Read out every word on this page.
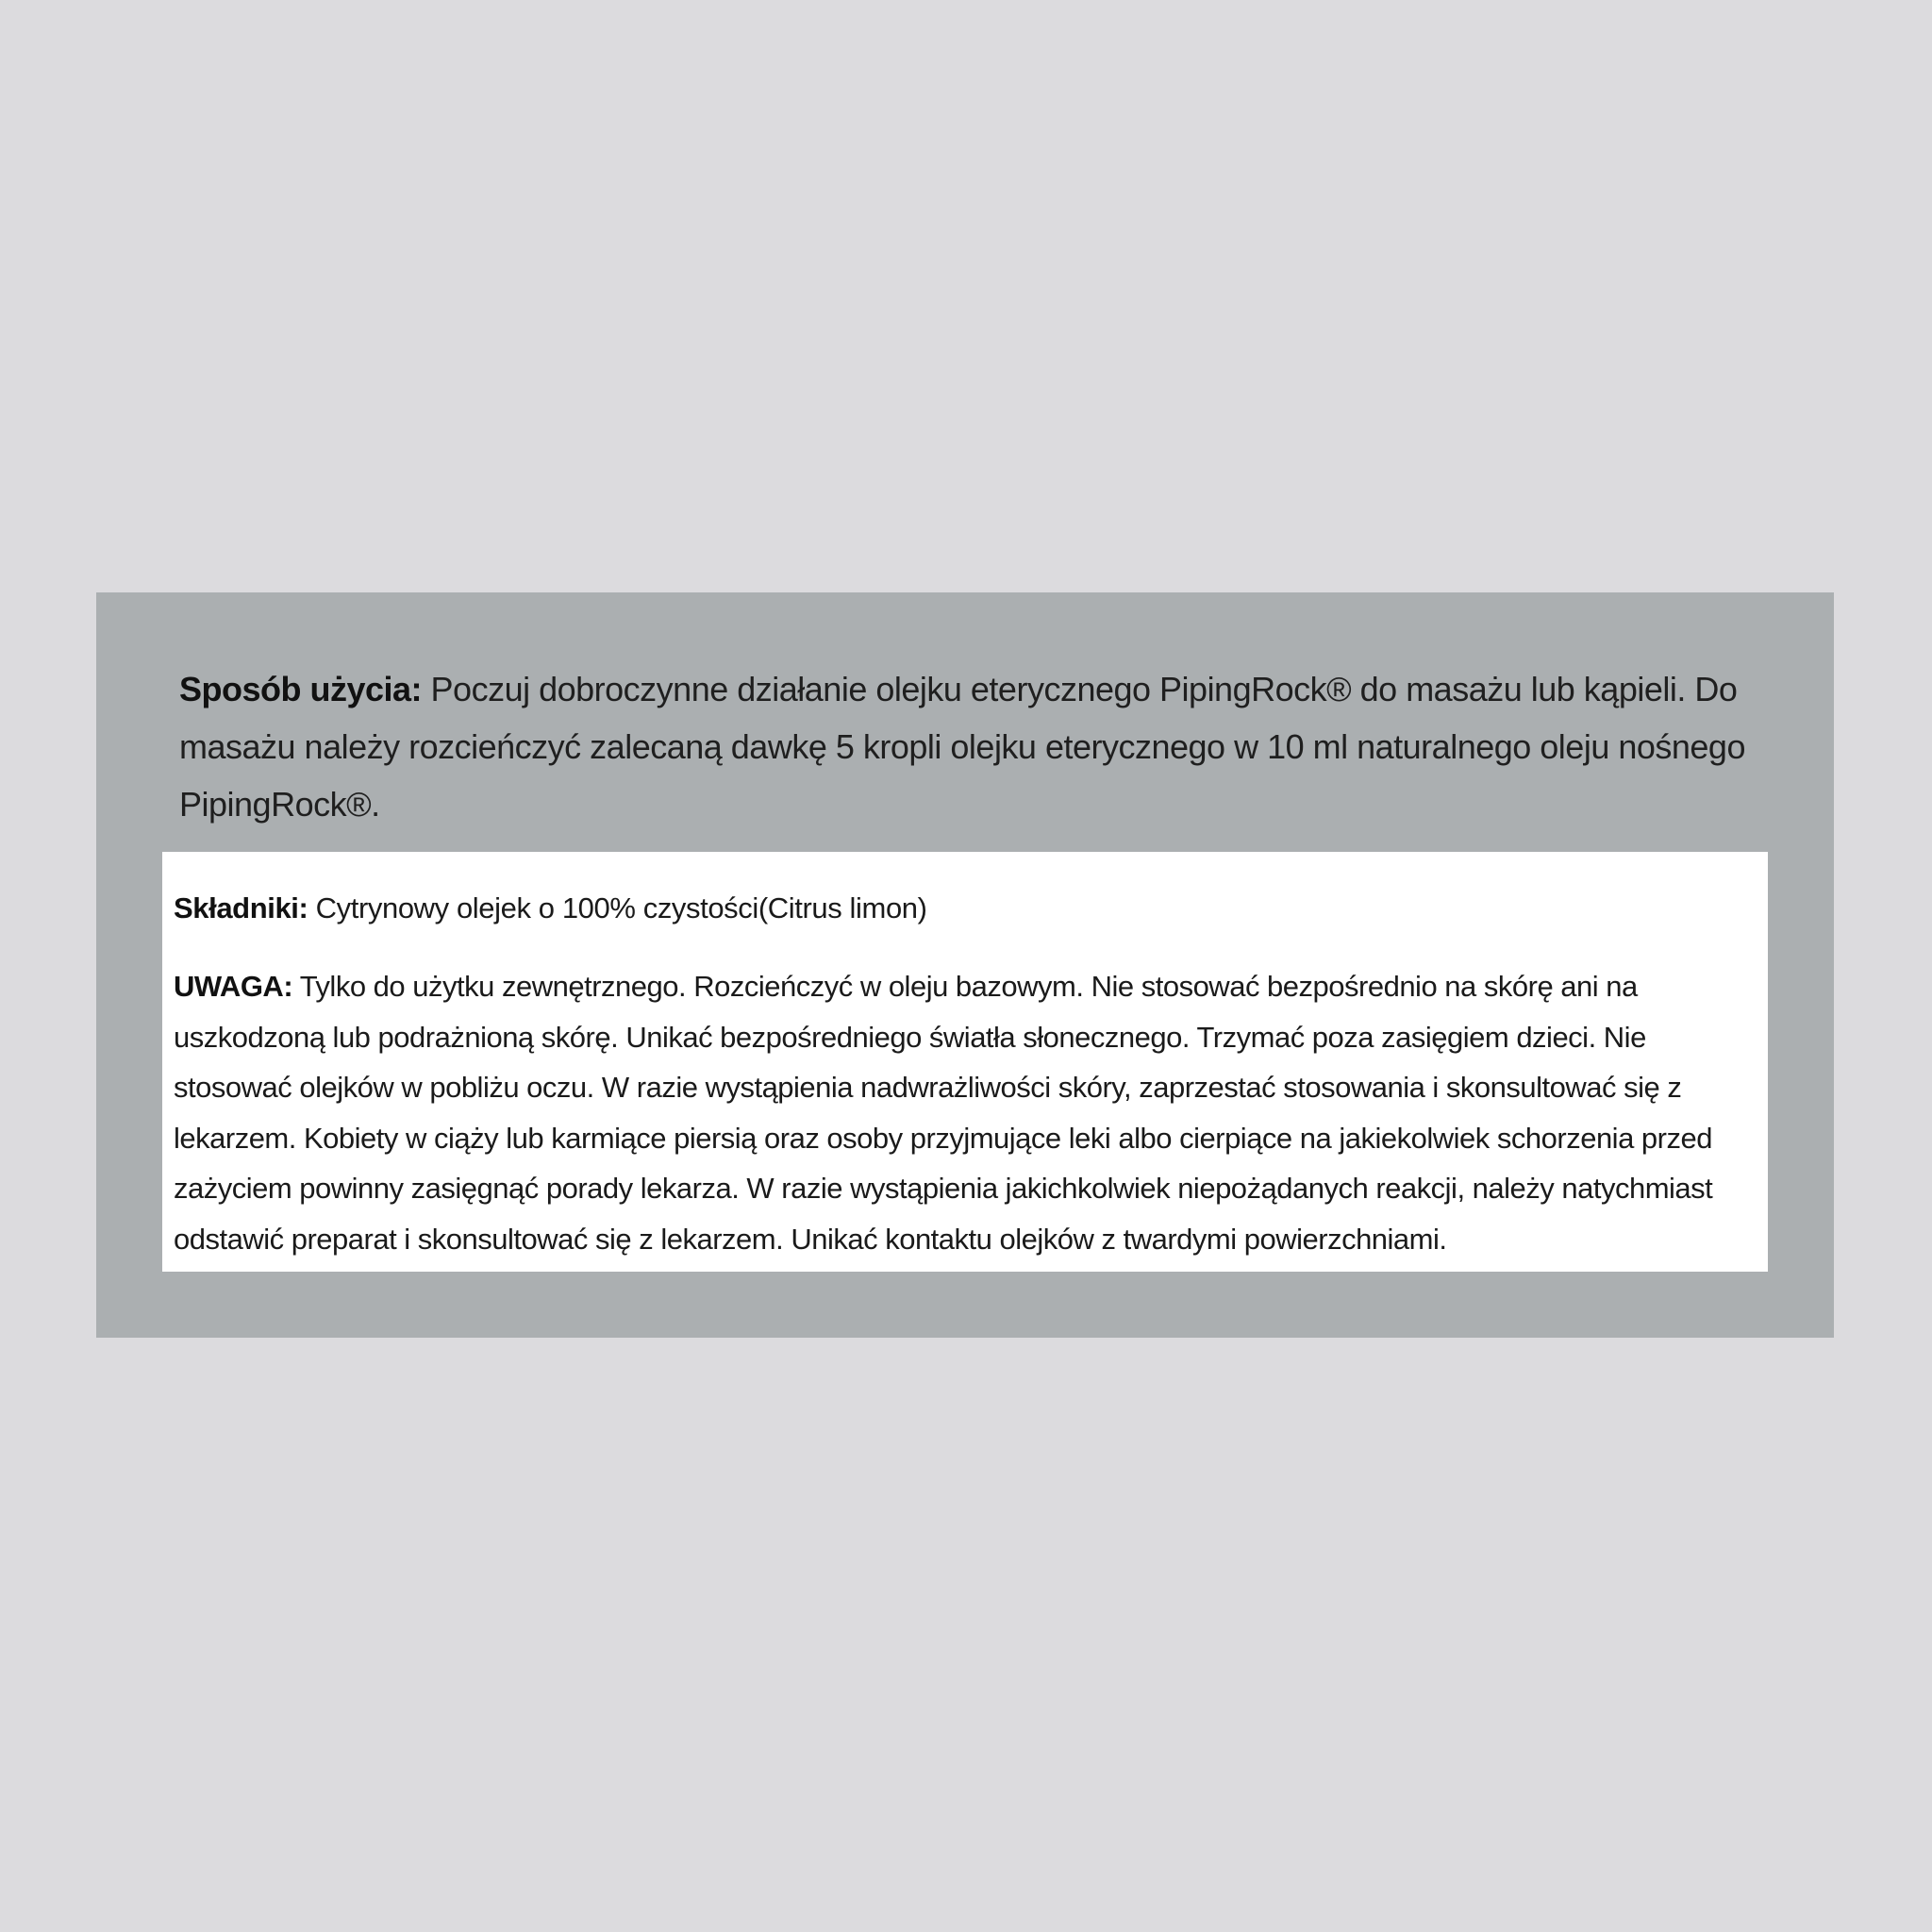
Sposób użycia: Poczuj dobroczynne działanie olejku eterycznego PipingRock® do masażu lub kąpieli. Do masażu należy rozcieńczyć zalecaną dawkę 5 kropli olejku eterycznego w 10 ml naturalnego oleju nośnego PipingRock®.

Składniki: Cytrynowy olejek o 100% czystości(Citrus limon)

UWAGA: Tylko do użytku zewnętrznego. Rozcieńczyć w oleju bazowym. Nie stosować bezpośrednio na skórę ani na uszkodzoną lub podrażnioną skórę. Unikać bezpośredniego światła słonecznego. Trzymać poza zasięgiem dzieci. Nie stosować olejków w pobliżu oczu. W razie wystąpienia nadwrażliwości skóry, zaprzestać stosowania i skonsultować się z lekarzem. Kobiety w ciąży lub karmiące piersią oraz osoby przyjmujące leki albo cierpiące na jakiekolwiek schorzenia przed zażyciem powinny zasięgnąć porady lekarza. W razie wystąpienia jakichkolwiek niepożądanych reakcji, należy natychmiast odstawić preparat i skonsultować się z lekarzem. Unikać kontaktu olejków z twardymi powierzchniami.
